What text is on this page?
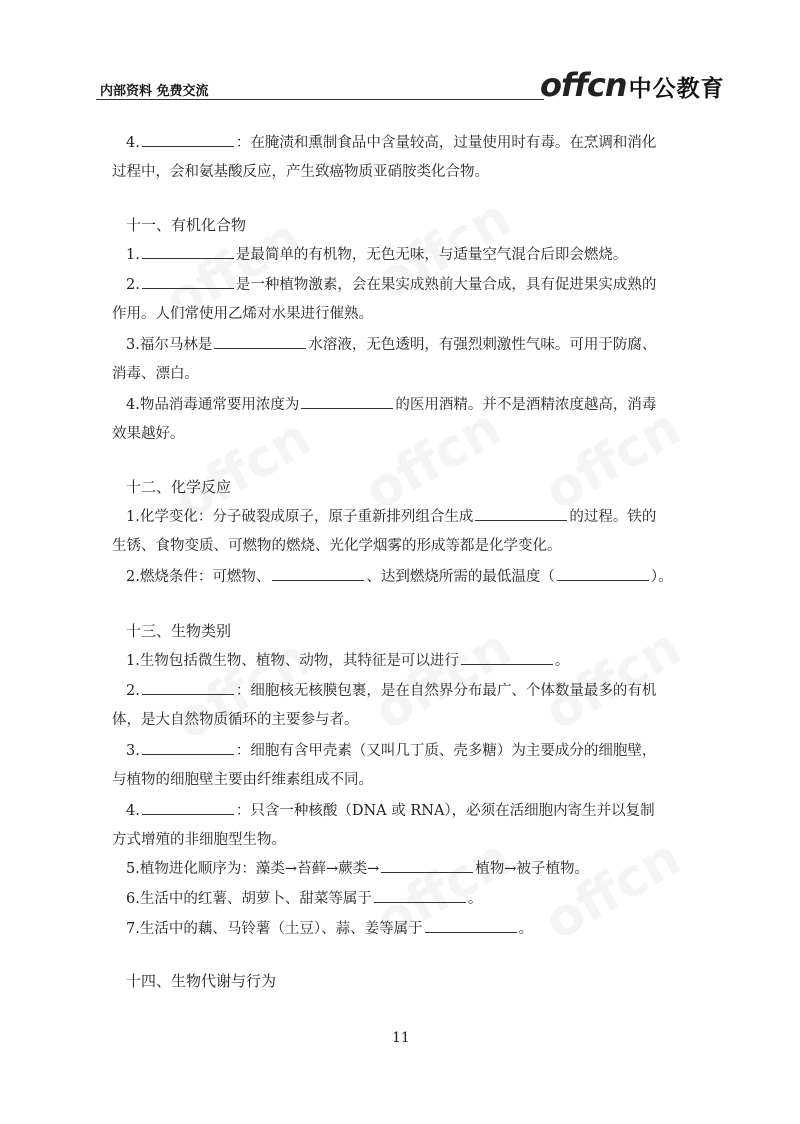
内部资料 免费交流	offcn 中公教育
4.	：在腌渍和熏制食品中含量较高，过量使用时有毒。在烹调和消化
过程中，会和氨基酸反应，产生致癌物质亚硝胺类化合物。
十一、有机化合物
1.	是最简单的有机物，无色无味，与适量空气混合后即会燃烧。
2.	是一种植物激素，会在果实成熟前大量合成，具有促进果实成熟的
作用。人们常使用乙烯对水果进行催熟。
3.福尔马林是	水溶液，无色透明，有强烈刺激性气味。可用于防腐、
消毒、漂白。
4.物品消毒通常要用浓度为	的医用酒精。并不是酒精浓度越高，消毒
效果越好。
十二、化学反应
1.化学变化：分子破裂成原子，原子重新排列组合生成	的过程。铁的
生锈、食物变质、可燃物的燃烧、光化学烟雾的形成等都是化学变化。
2.燃烧条件：可燃物、	、达到燃烧所需的最低温度（	）。
十三、生物类别
1.生物包括微生物、植物、动物，其特征是可以进行	。
2.	：细胞核无核膜包裹，是在自然界分布最广、个体数量最多的有机
体，是大自然物质循环的主要参与者。
3.	：细胞有含甲壳素（又叫几丁质、壳多糖）为主要成分的细胞壁，
与植物的细胞壁主要由纤维素组成不同。
4.	：只含一种核酸（DNA 或 RNA），必须在活细胞内寄生并以复制
方式增殖的非细胞型生物。
5.植物进化顺序为：藻类→苔藓→蕨类→	植物→被子植物。
6.生活中的红薯、胡萝卜、甜菜等属于	。
7.生活中的藕、马铃薯（土豆）、蒜、姜等属于	。
十四、生物代谢与行为
11
